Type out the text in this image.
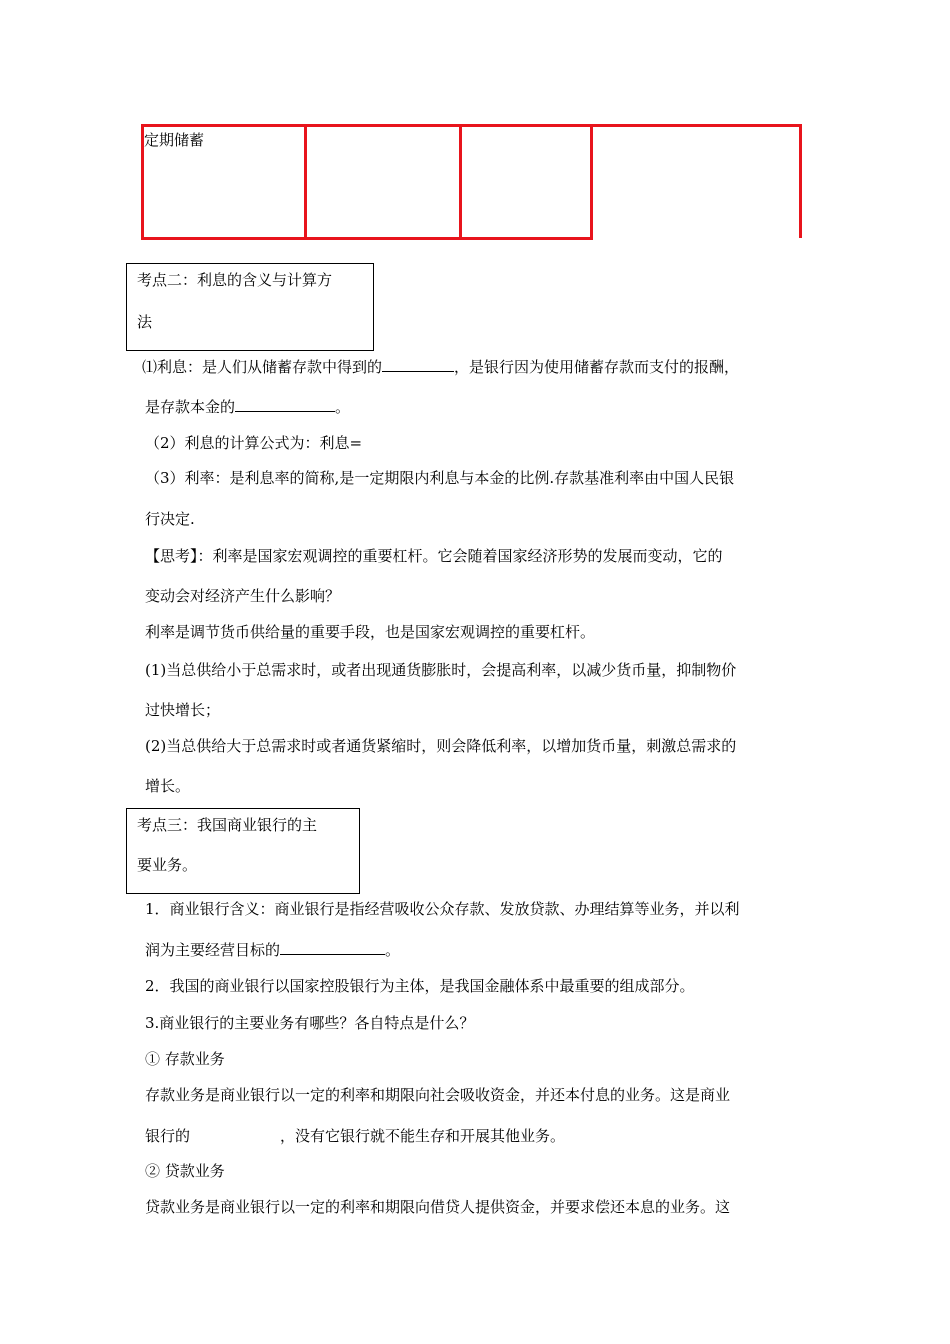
定期储蓄
考点二：利息的含义与计算方
法
⑴利息：是人们从储蓄存款中得到的	，是银行因为使用储蓄存款而支付的报酬，
是存款本金的	。
（2）利息的计算公式为：利息=
（3）利率：是利息率的简称,是一定期限内利息与本金的比例.存款基准利率由中国人民银
行决定.
【思考】：利率是国家宏观调控的重要杠杆。它会随着国家经济形势的发展而变动，它的
变动会对经济产生什么影响？
利率是调节货币供给量的重要手段，也是国家宏观调控的重要杠杆。
(1)当总供给小于总需求时，或者出现通货膨胀时，会提高利率，以减少货币量，抑制物价
过快增长；
(2)当总供给大于总需求时或者通货紧缩时，则会降低利率，以增加货币量，刺激总需求的
增长。
考点三：我国商业银行的主
要业务。
1．商业银行含义：商业银行是指经营吸收公众存款、发放贷款、办理结算等业务，并以利
润为主要经营目标的	。
2．我国的商业银行以国家控股银行为主体，是我国金融体系中最重要的组成部分。
3.商业银行的主要业务有哪些？各自特点是什么？
① 存款业务
存款业务是商业银行以一定的利率和期限向社会吸收资金，并还本付息的业务。这是商业
银行的	，没有它银行就不能生存和开展其他业务。
② 贷款业务
贷款业务是商业银行以一定的利率和期限向借贷人提供资金，并要求偿还本息的业务。这
